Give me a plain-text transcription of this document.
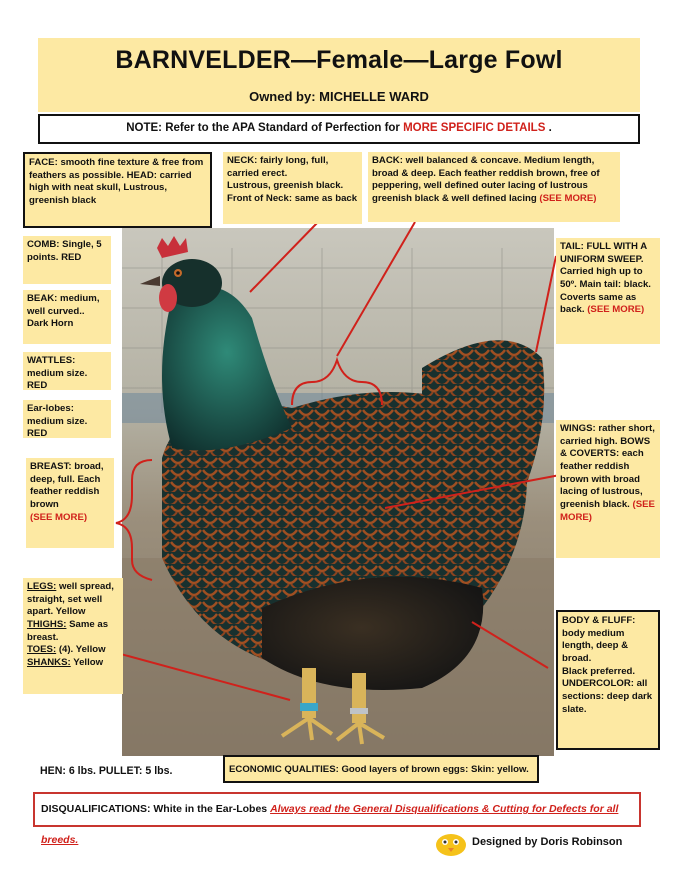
BARNVELDER—Female—Large Fowl
Owned by: MICHELLE WARD
NOTE: Refer to the APA Standard of Perfection for MORE SPECIFIC DETAILS .
FACE: smooth fine texture & free from feathers as possible. HEAD: carried high with neat skull, Lustrous, greenish black
COMB: Single, 5 points. RED
BEAK: medium, well curved.. Dark Horn
WATTLES: medium size. RED
Ear-lobes: medium size. RED
BREAST: broad, deep, full. Each feather reddish brown
(SEE MORE)
LEGS: well spread, straight, set well apart. Yellow
THIGHS: Same as breast.
TOES: (4). Yellow
SHANKS: Yellow
NECK: fairly long, full, carried erect.
Lustrous, greenish black.
Front of Neck: same as back
BACK: well balanced & concave. Medium length, broad & deep. Each feather reddish brown, free of peppering, well defined outer lacing of lustrous greenish black & well defined lacing (SEE MORE)
TAIL: FULL WITH A UNIFORM SWEEP. Carried high up to 50º. Main tail: black. Coverts same as back. (SEE MORE)
WINGS: rather short, carried high. BOWS & COVERTS: each feather reddish brown with broad lacing of lustrous, greenish black. (SEE MORE)
BODY & FLUFF: body medium length, deep & broad.
Black preferred.
UNDERCOLOR: all sections: deep dark slate.
HEN: 6 lbs. PULLET: 5 lbs.	ECONOMIC QUALITIES: Good layers of brown eggs: Skin: yellow.
DISQUALIFICATIONS: White in the Ear-Lobes Always read the General Disqualifications & Cutting for Defects for all breeds.	Designed by Doris Robinson
